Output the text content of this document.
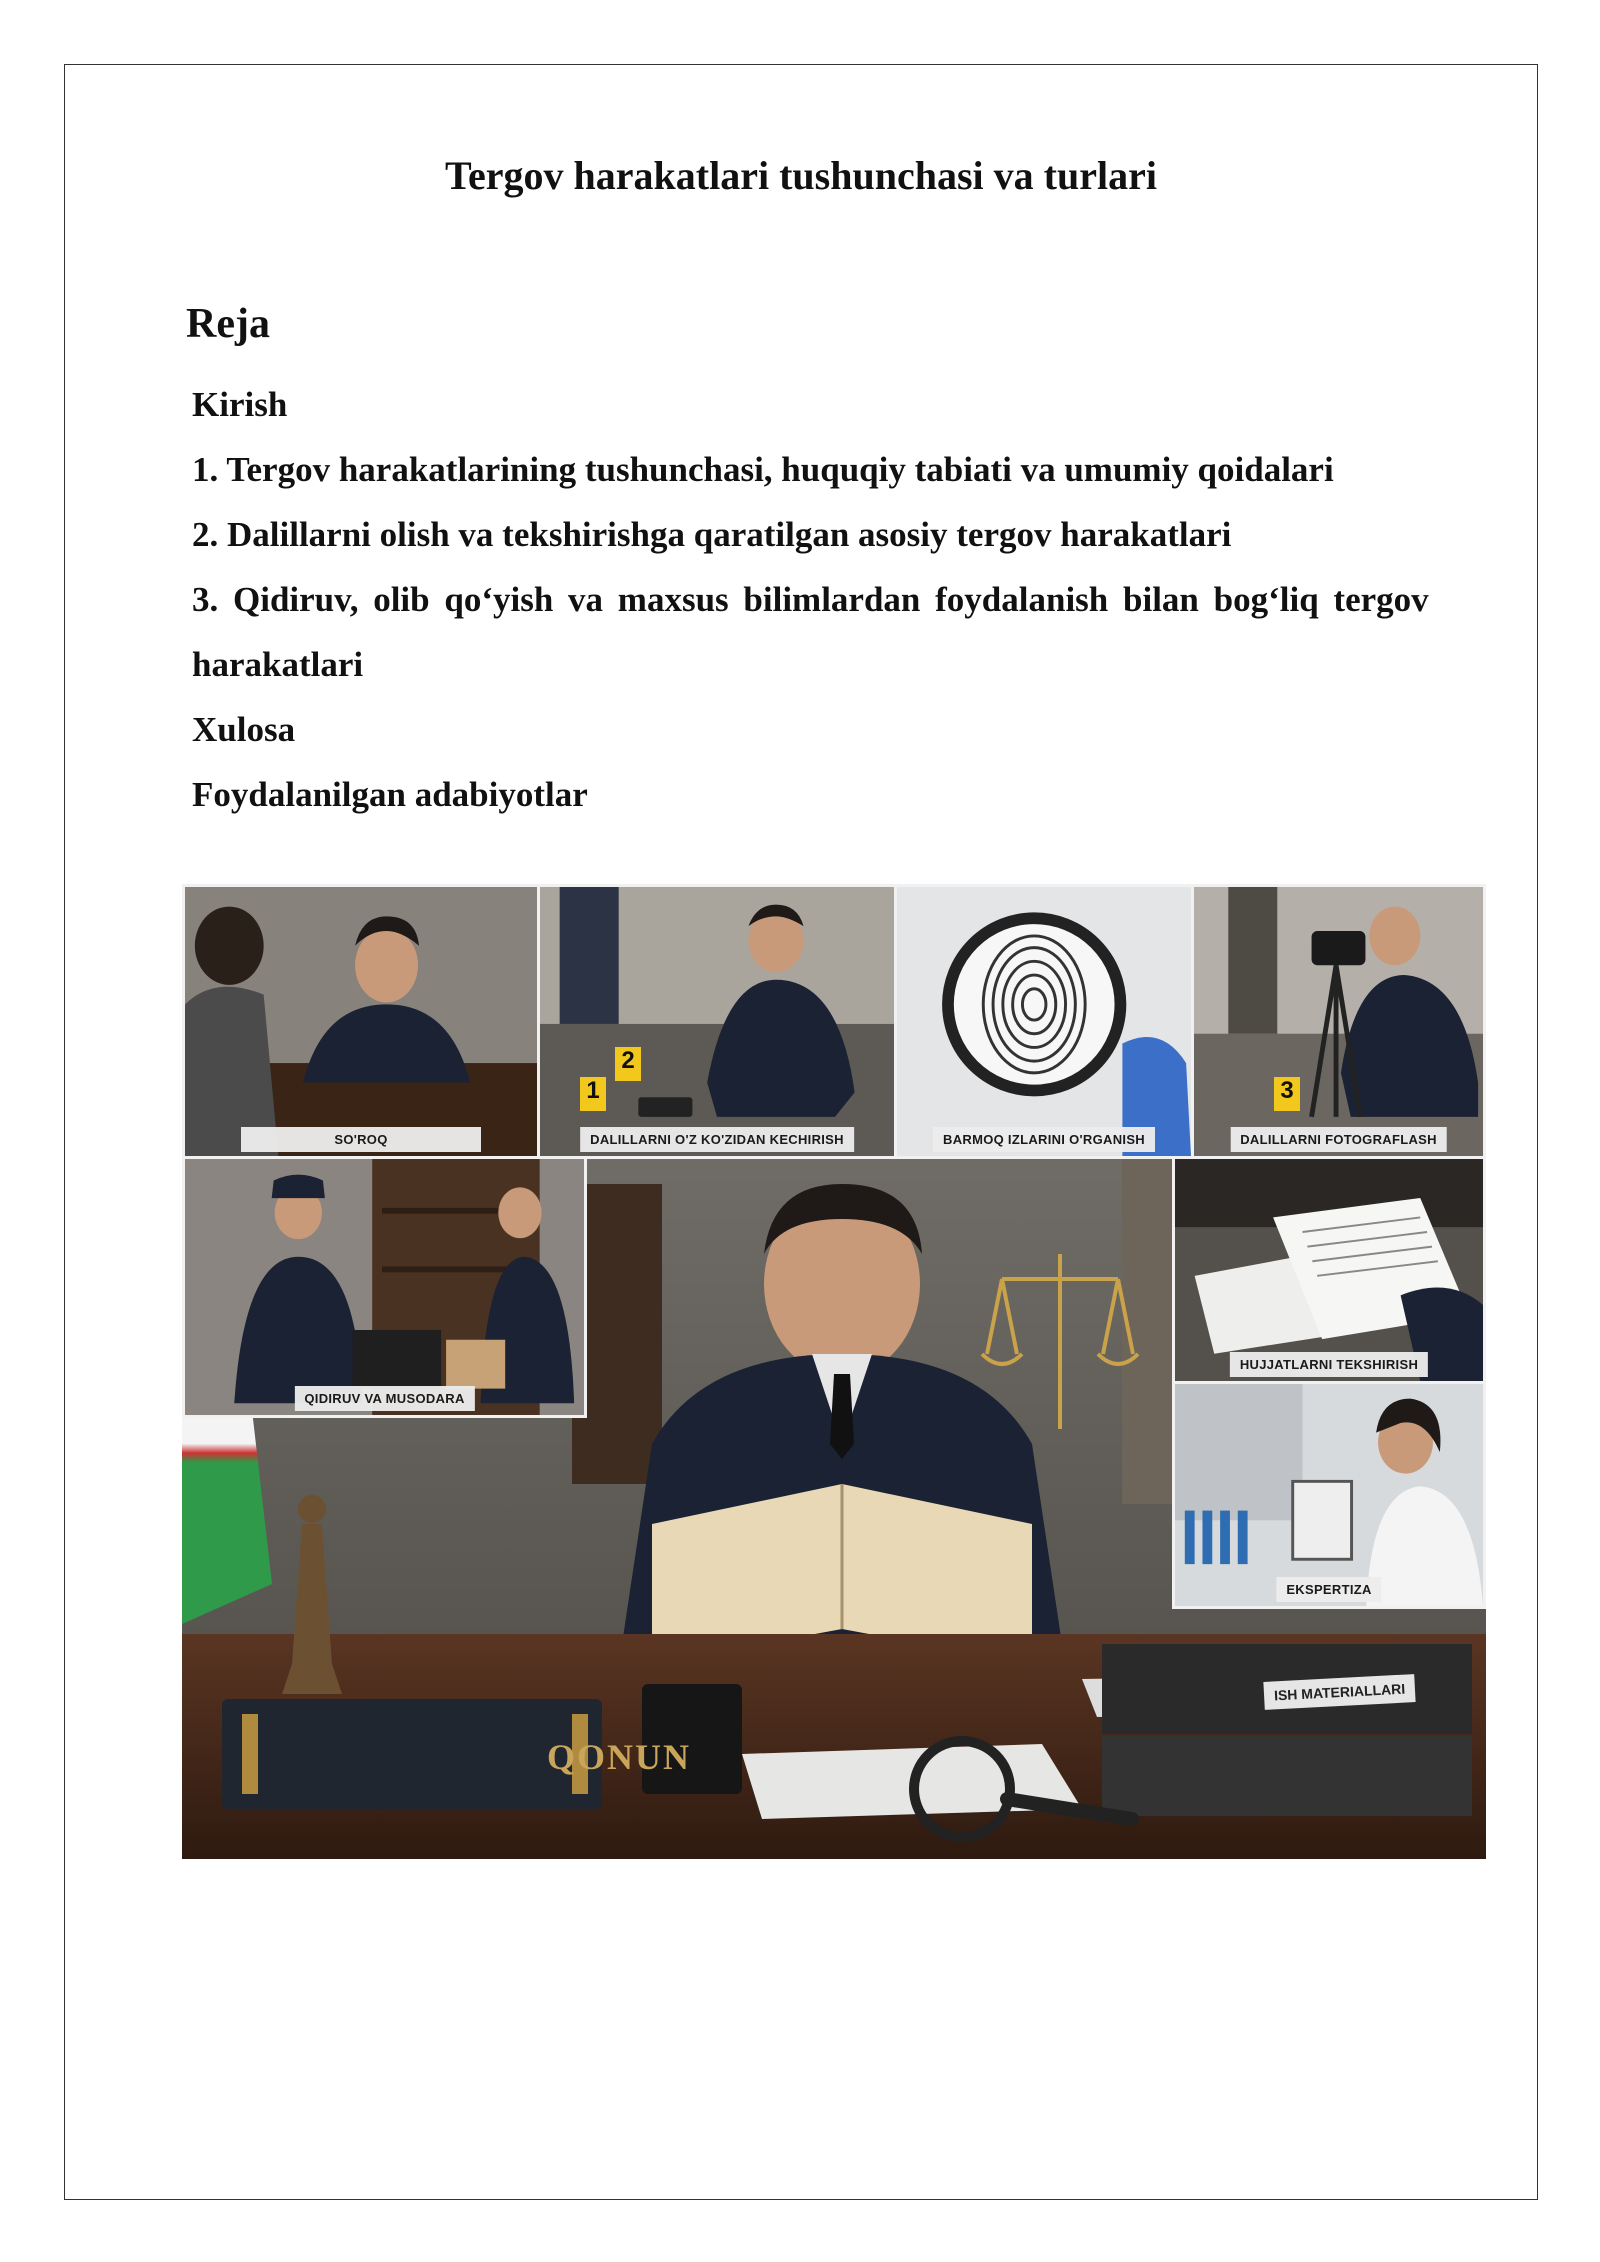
Tergov harakatlari tushunchasi va turlari
Reja
Kirish
1. Tergov harakatlarining tushunchasi, huquqiy tabiati va umumiy qoidalari
2. Dalillarni olish va tekshirishga qaratilgan asosiy tergov harakatlari
3. Qidiruv, olib qo‘yish va maxsus bilimlardan foydalanish bilan bog‘liq tergov
harakatlari
Xulosa
Foydalanilgan adabiyotlar
QONUN
ISH MATERIALLARI
SO'ROQ
1
2
DALILLARNI O'Z KO'ZIDAN KECHIRISH	BARMOQ IZLARINI O'RGANISH
3
DALILLARNI FOTOGRAFLASH
QIDIRUV VA MUSODARA
HUJJATLARNI TEKSHIRISH
EKSPERTIZA
